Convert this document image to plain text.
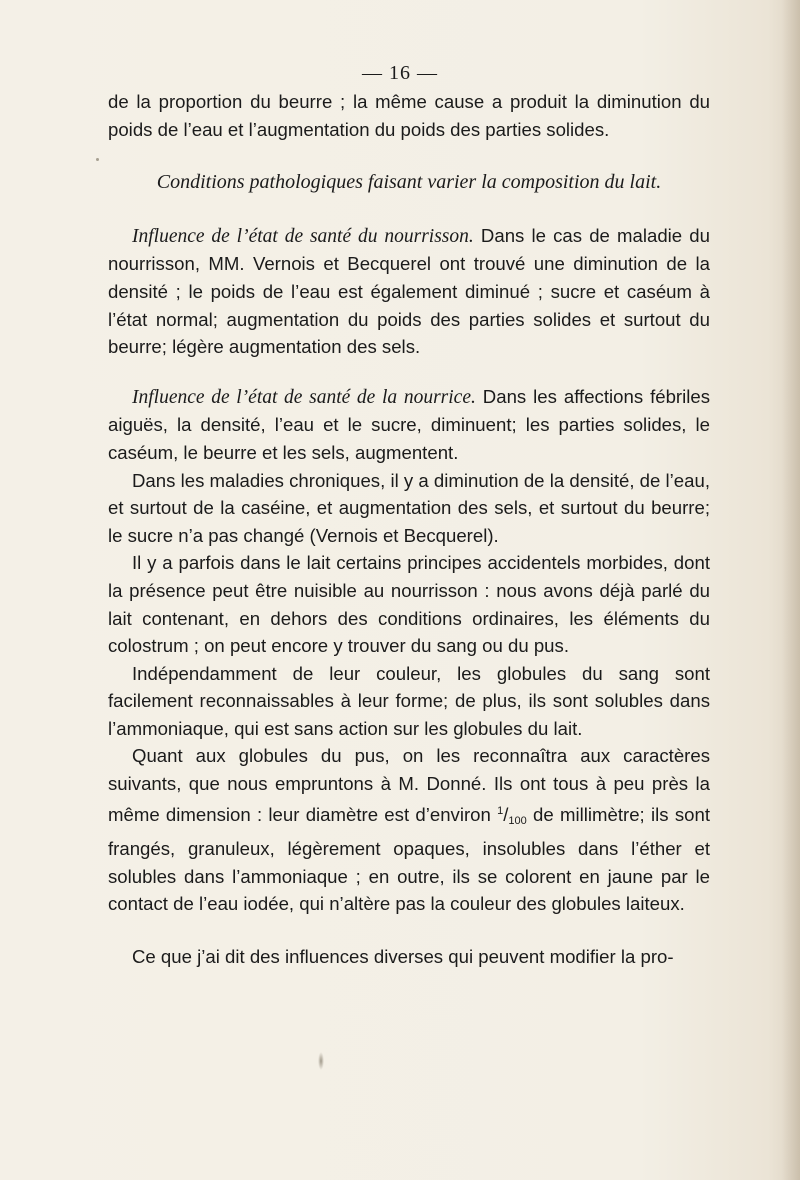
— 16 —

de la proportion du beurre ; la même cause a produit la diminution du poids de l’eau et l’augmentation du poids des parties solides.

Conditions pathologiques faisant varier la composition du lait.

Influence de l’état de santé du nourrisson. Dans le cas de maladie du nourrisson, MM. Vernois et Becquerel ont trouvé une diminution de la densité ; le poids de l’eau est également diminué ; sucre et caséum à l’état normal; augmentation du poids des parties solides et surtout du beurre; légère augmentation des sels.

Influence de l’état de santé de la nourrice. Dans les affections fébriles aiguës, la densité, l’eau et le sucre, diminuent; les parties solides, le caséum, le beurre et les sels, augmentent.

Dans les maladies chroniques, il y a diminution de la densité, de l’eau, et surtout de la caséine, et augmentation des sels, et surtout du beurre; le sucre n’a pas changé (Vernois et Becquerel).

Il y a parfois dans le lait certains principes accidentels morbides, dont la présence peut être nuisible au nourrisson : nous avons déjà parlé du lait contenant, en dehors des conditions ordinaires, les éléments du colostrum ; on peut encore y trouver du sang ou du pus.

Indépendamment de leur couleur, les globules du sang sont facilement reconnaissables à leur forme; de plus, ils sont solubles dans l’ammoniaque, qui est sans action sur les globules du lait.

Quant aux globules du pus, on les reconnaîtra aux caractères suivants, que nous empruntons à M. Donné. Ils ont tous à peu près la même dimension : leur diamètre est d’environ $^1/_{100}$ de millimètre; ils sont frangés, granuleux, légèrement opaques, insolubles dans l’éther et solubles dans l’ammoniaque ; en outre, ils se colorent en jaune par le contact de l’eau iodée, qui n’altère pas la couleur des globules laiteux.

Ce que j’ai dit des influences diverses qui peuvent modifier la pro-
